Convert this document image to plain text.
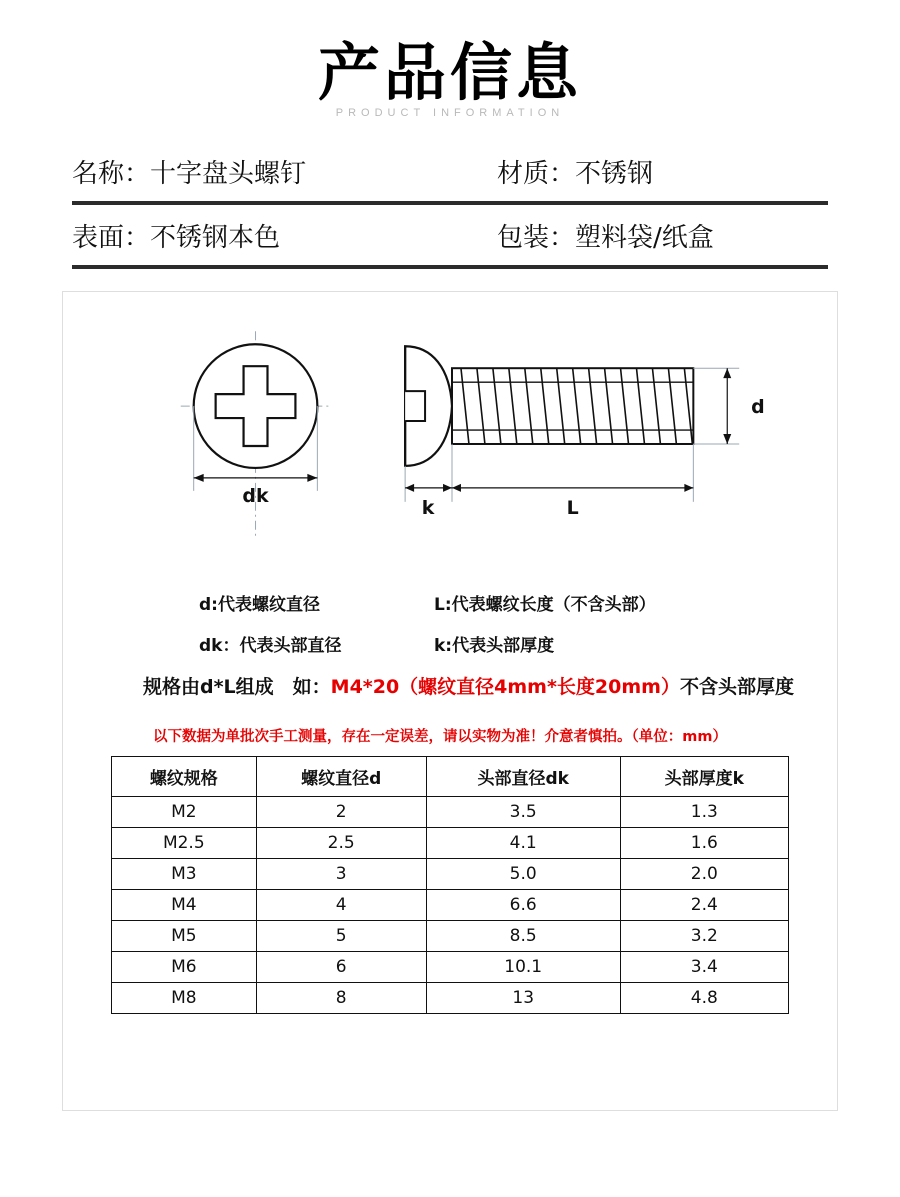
产品信息
PRODUCT INFORMATION
名称：十字盘头螺钉	材质：不锈钢
表面：不锈钢本色	包装：塑料袋/纸盒
dk
d
k	L
d:代表螺纹直径	L:代表螺纹长度（不含头部）
dk：代表头部直径	k:代表头部厚度
规格由d*L组成　如：M4*20（螺纹直径4mm*长度20mm）不含头部厚度
以下数据为单批次手工测量，存在一定误差，请以实物为准！介意者慎拍。（单位：mm）
螺纹规格	螺纹直径d	头部直径dk	头部厚度k
M2	2	3.5	1.3
M2.5	2.5	4.1	1.6
M3	3	5.0	2.0
M4	4	6.6	2.4
M5	5	8.5	3.2
M6	6	10.1	3.4
M8	8	13	4.8
